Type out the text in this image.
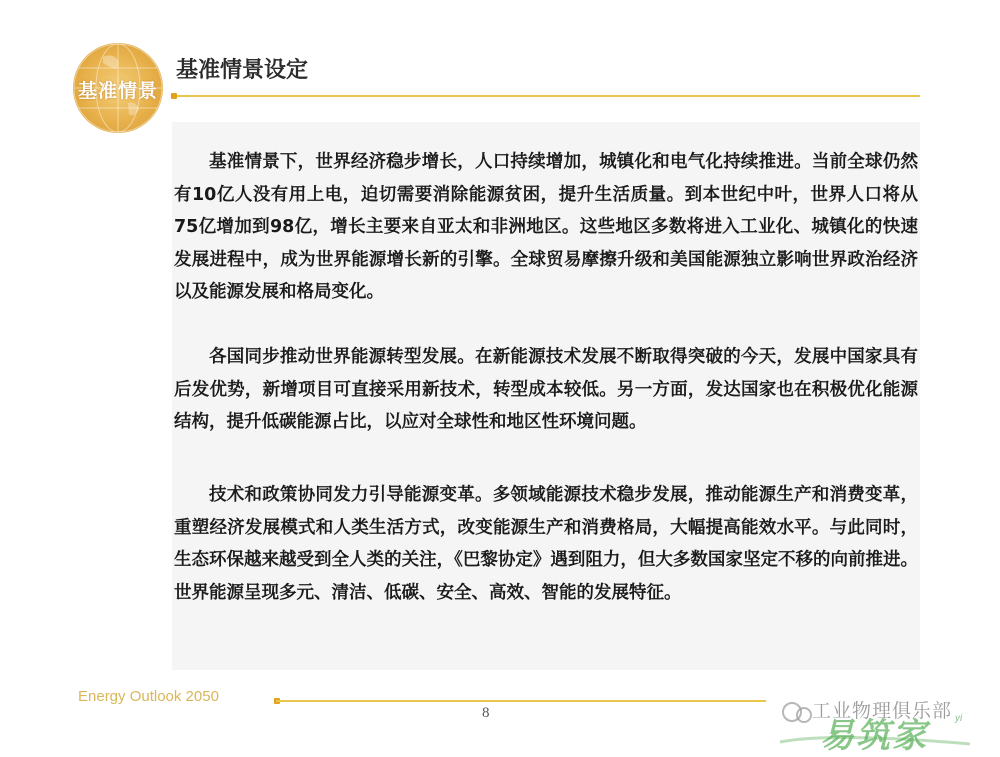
基准情景
基准情景设定

基准情景下，世界经济稳步增长，人口持续增加，城镇化和电气化持续推进。当前全球仍然有10亿人没有用上电，迫切需要消除能源贫困，提升生活质量。到本世纪中叶，世界人口将从75亿增加到98亿，增长主要来自亚太和非洲地区。这些地区多数将进入工业化、城镇化的快速发展进程中，成为世界能源增长新的引擎。全球贸易摩擦升级和美国能源独立影响世界政治经济以及能源发展和格局变化。

各国同步推动世界能源转型发展。在新能源技术发展不断取得突破的今天，发展中国家具有后发优势，新增项目可直接采用新技术，转型成本较低。另一方面，发达国家也在积极优化能源结构，提升低碳能源占比，以应对全球性和地区性环境问题。

技术和政策协同发力引导能源变革。多领域能源技术稳步发展，推动能源生产和消费变革，重塑经济发展模式和人类生活方式，改变能源生产和消费格局，大幅提高能效水平。与此同时，生态环保越来越受到全人类的关注，《巴黎协定》遇到阻力，但大多数国家坚定不移的向前推进。世界能源呈现多元、清洁、低碳、安全、高效、智能的发展特征。

Energy Outlook 2050
8	工业物理俱乐部
易筑家	yi
